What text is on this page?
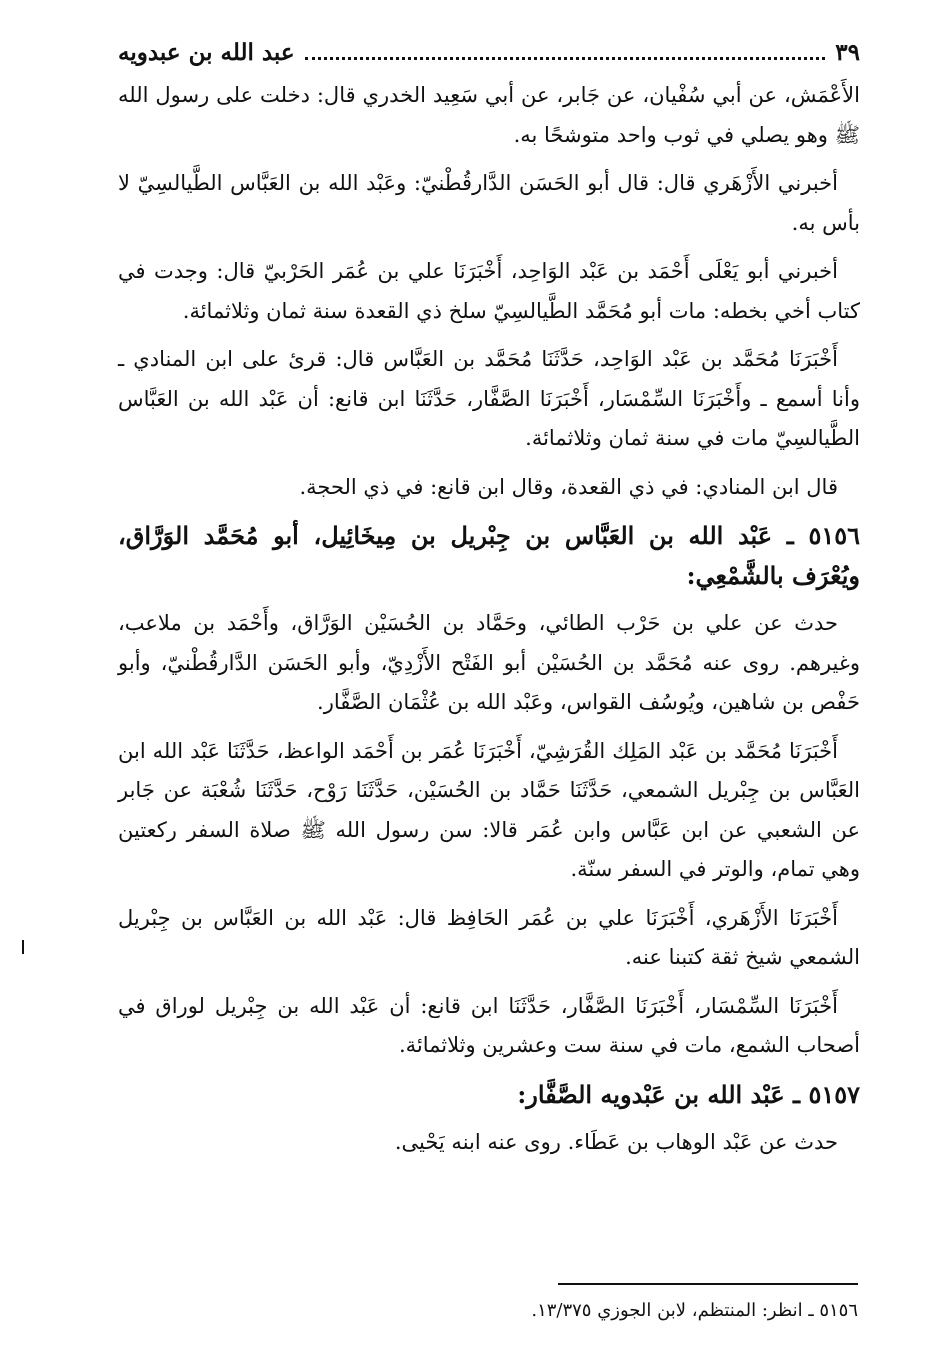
عبد الله بن عبدويه	٣٩

الأَعْمَش، عن أبي سُفْيان، عن جَابر، عن أبي سَعِيد الخدري قال: دخلت على رسول الله ﷺ وهو يصلي في ثوب واحد متوشحًا به.

أخبرني الأَزْهَري قال: قال أبو الحَسَن الدَّارقُطْنيّ: وعَبْد الله بن العَبَّاس الطَّيالسِيّ لا بأس به.

أخبرني أبو يَعْلَى أَحْمَد بن عَبْد الوَاحِد، أَخْبَرَنَا علي بن عُمَر الحَرْبيّ قال: وجدت في كتاب أخي بخطه: مات أبو مُحَمَّد الطَّيالسِيّ سلخ ذي القعدة سنة ثمان وثلاثمائة.

أَخْبَرَنَا مُحَمَّد بن عَبْد الوَاحِد، حَدَّثَنَا مُحَمَّد بن العَبَّاس قال: قرئ على ابن المنادي ـ وأنا أسمع ـ وأَخْبَرَنَا السِّمْسَار، أَخْبَرَنَا الصَّفَّار، حَدَّثَنَا ابن قانع: أن عَبْد الله بن العَبَّاس الطَّيالسِيّ مات في سنة ثمان وثلاثمائة.

قال ابن المنادي: في ذي القعدة، وقال ابن قانع: في ذي الحجة.

٥١٥٦ ـ عَبْد الله بن العَبَّاس بن جِبْريل بن مِيخَائِيل، أبو مُحَمَّد الوَرَّاق، ويُعْرَف بالشَّمْعِي:

حدث عن علي بن حَرْب الطائي، وحَمَّاد بن الحُسَيْن الوَرَّاق، وأَحْمَد بن ملاعب، وغيرهم. روى عنه مُحَمَّد بن الحُسَيْن أبو الفَتْح الأَزْدِيّ، وأبو الحَسَن الدَّارقُطْنيّ، وأبو حَفْص بن شاهين، ويُوسُف القواس، وعَبْد الله بن عُثْمَان الصَّفَّار.

أَخْبَرَنَا مُحَمَّد بن عَبْد المَلِك القُرَشِيّ، أَخْبَرَنَا عُمَر بن أَحْمَد الواعظ، حَدَّثَنَا عَبْد الله ابن العَبَّاس بن جِبْريل الشمعي، حَدَّثَنَا حَمَّاد بن الحُسَيْن، حَدَّثَنَا رَوْح، حَدَّثَنَا شُعْبَة عن جَابر عن الشعبي عن ابن عَبَّاس وابن عُمَر قالا: سن رسول الله ﷺ صلاة السفر ركعتين وهي تمام، والوتر في السفر سنّة.

أَخْبَرَنَا الأَزْهَري، أَخْبَرَنَا علي بن عُمَر الحَافِظ قال: عَبْد الله بن العَبَّاس بن جِبْريل الشمعي شيخ ثقة كتبنا عنه.

أَخْبَرَنَا السِّمْسَار، أَخْبَرَنَا الصَّفَّار، حَدَّثَنَا ابن قانع: أن عَبْد الله بن جِبْريل لوراق في أصحاب الشمع، مات في سنة ست وعشرين وثلاثمائة.

٥١٥٧ ـ عَبْد الله بن عَبْدويه الصَّفَّار:

حدث عن عَبْد الوهاب بن عَطَاء. روى عنه ابنه يَحْيى.

٥١٥٦ ـ انظر: المنتظم، لابن الجوزي ١٣/٣٧٥.
